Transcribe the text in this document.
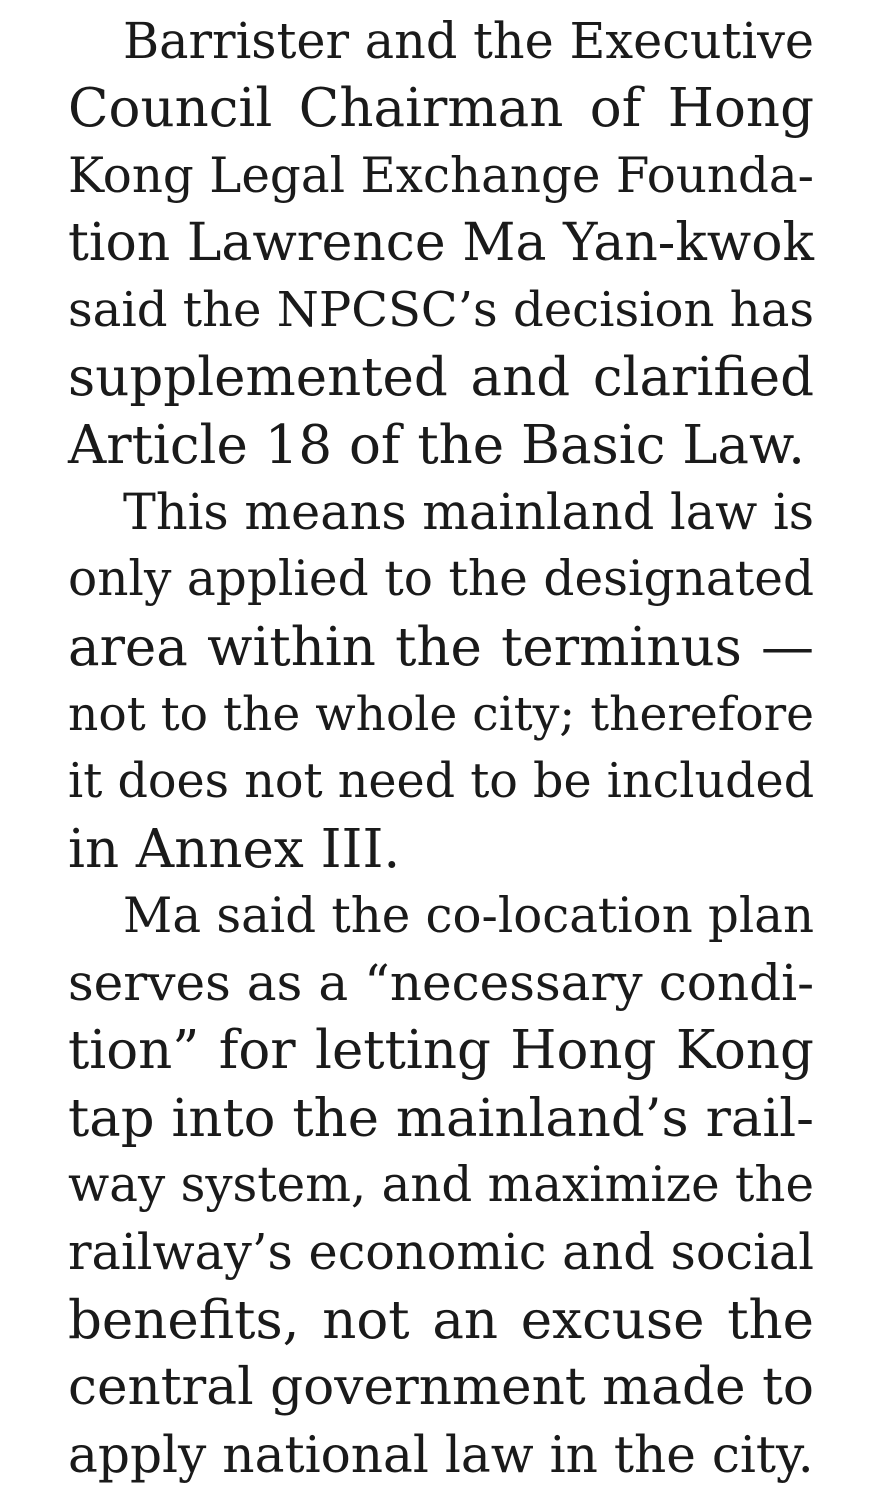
Barrister and the Executive
Council Chairman of Hong
Kong Legal Exchange Founda-
tion Lawrence Ma Yan-kwok
said the NPCSC’s decision has
supplemented and clarified
Article 18 of the Basic Law.
This means mainland law is
only applied to the designated
area within the terminus —
not to the whole city; therefore
it does not need to be included
in Annex III.
Ma said the co-location plan
serves as a “necessary condi-
tion” for letting Hong Kong
tap into the mainland’s rail-
way system, and maximize the
railway’s economic and social
benefits, not an excuse the
central government made to
apply national law in the city.
